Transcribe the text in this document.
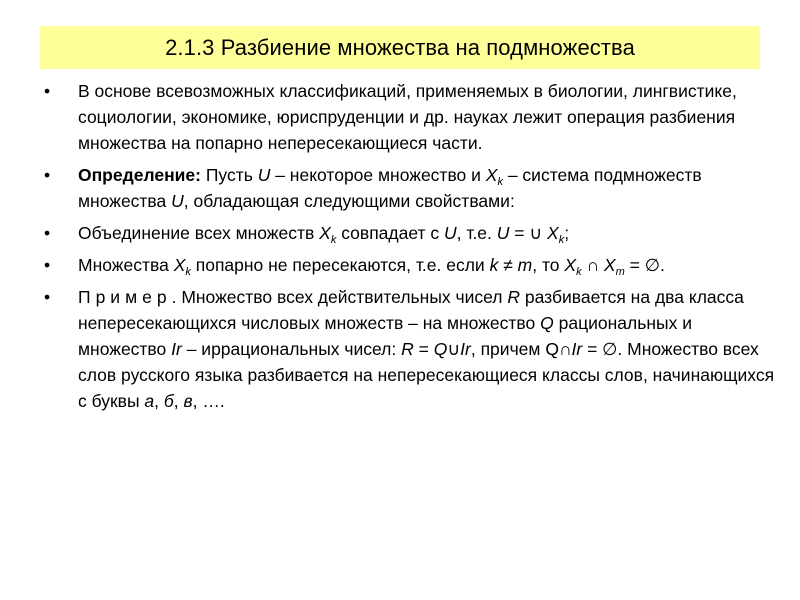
2.1.3 Разбиение множества на подмножества
•	В основе всевозможных классификаций, применяемых в биологии, лингвистике, социологии, экономике, юриспруденции и др. науках лежит операция разбиения множества на попарно непересекающиеся части.
•	Определение: Пусть U – некоторое множество и $X_k$ – система подмножеств множества U, обладающая следующими свойствами:
•	Объединение всех множеств $X_k$ совпадает с U, т.е. U = ∪ $X_k$;
•	Множества $X_k$ попарно не пересекаются, т.е. если k ≠ m, то $X_k$ ∩ $X_m$ = ∅.
•	Пример. Множество всех действительных чисел R разбивается на два класса непересекающихся числовых множеств – на множество Q рациональных и множество Ir – иррациональных чисел: R = Q∪Ir, причем Q∩Ir = ∅. Множество всех слов русского языка разбивается на непересекающиеся классы слов, начинающихся с буквы а, б, в, ….
